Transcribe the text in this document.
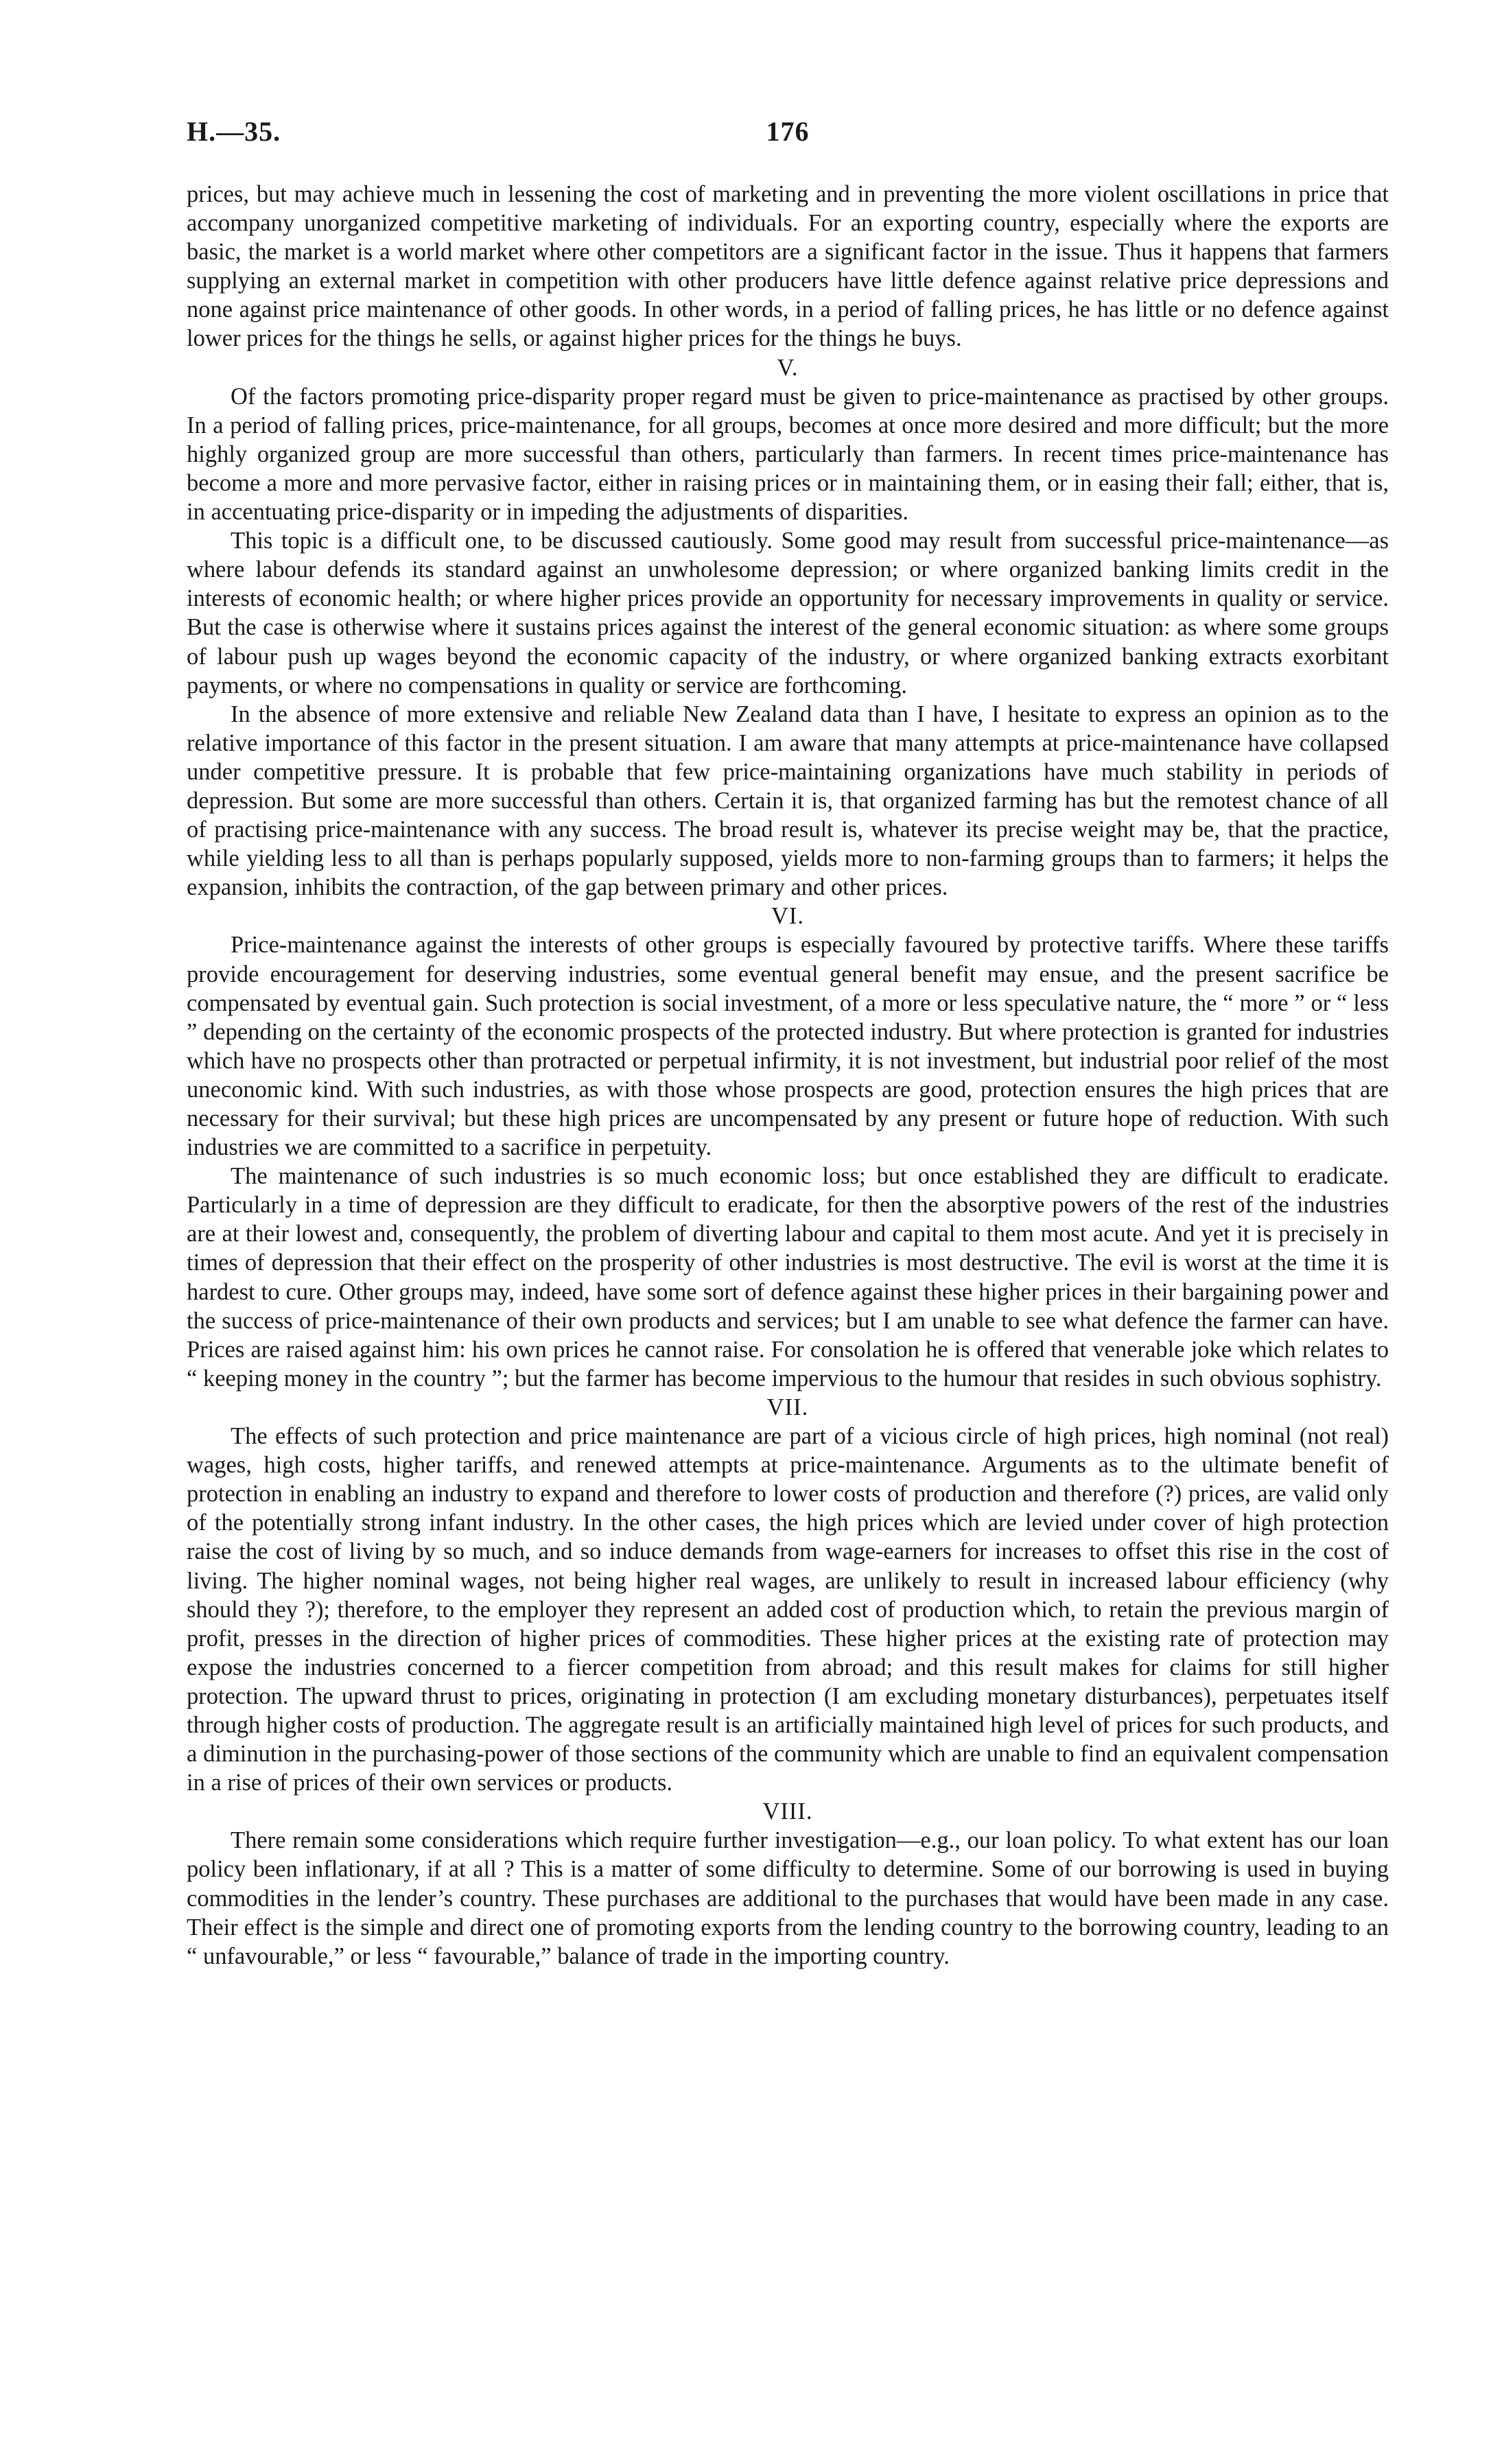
H.—35.	176

prices, but may achieve much in lessening the cost of marketing and in preventing the more violent oscillations in price that accompany unorganized competitive marketing of individuals. For an exporting country, especially where the exports are basic, the market is a world market where other competitors are a significant factor in the issue. Thus it happens that farmers supplying an external market in competition with other producers have little defence against relative price depressions and none against price maintenance of other goods. In other words, in a period of falling prices, he has little or no defence against lower prices for the things he sells, or against higher prices for the things he buys.

V.

Of the factors promoting price-disparity proper regard must be given to price-maintenance as practised by other groups. In a period of falling prices, price-maintenance, for all groups, becomes at once more desired and more difficult; but the more highly organized group are more successful than others, particularly than farmers. In recent times price-maintenance has become a more and more pervasive factor, either in raising prices or in maintaining them, or in easing their fall; either, that is, in accentuating price-disparity or in impeding the adjustments of disparities.

This topic is a difficult one, to be discussed cautiously. Some good may result from successful price-maintenance—as where labour defends its standard against an unwholesome depression; or where organized banking limits credit in the interests of economic health; or where higher prices provide an opportunity for necessary improvements in quality or service. But the case is otherwise where it sustains prices against the interest of the general economic situation: as where some groups of labour push up wages beyond the economic capacity of the industry, or where organized banking extracts exorbitant payments, or where no compensations in quality or service are forthcoming.

In the absence of more extensive and reliable New Zealand data than I have, I hesitate to express an opinion as to the relative importance of this factor in the present situation. I am aware that many attempts at price-maintenance have collapsed under competitive pressure. It is probable that few price-maintaining organizations have much stability in periods of depression. But some are more successful than others. Certain it is, that organized farming has but the remotest chance of all of practising price-maintenance with any success. The broad result is, whatever its precise weight may be, that the practice, while yielding less to all than is perhaps popularly supposed, yields more to non-farming groups than to farmers; it helps the expansion, inhibits the contraction, of the gap between primary and other prices.

VI.

Price-maintenance against the interests of other groups is especially favoured by protective tariffs. Where these tariffs provide encouragement for deserving industries, some eventual general benefit may ensue, and the present sacrifice be compensated by eventual gain. Such protection is social investment, of a more or less speculative nature, the “ more ” or “ less ” depending on the certainty of the economic prospects of the protected industry. But where protection is granted for industries which have no prospects other than protracted or perpetual infirmity, it is not investment, but industrial poor relief of the most uneconomic kind. With such industries, as with those whose prospects are good, protection ensures the high prices that are necessary for their survival; but these high prices are uncompensated by any present or future hope of reduction. With such industries we are committed to a sacrifice in perpetuity.

The maintenance of such industries is so much economic loss; but once established they are difficult to eradicate. Particularly in a time of depression are they difficult to eradicate, for then the absorptive powers of the rest of the industries are at their lowest and, consequently, the problem of diverting labour and capital to them most acute. And yet it is precisely in times of depression that their effect on the prosperity of other industries is most destructive. The evil is worst at the time it is hardest to cure. Other groups may, indeed, have some sort of defence against these higher prices in their bargaining power and the success of price-maintenance of their own products and services; but I am unable to see what defence the farmer can have. Prices are raised against him: his own prices he cannot raise. For consolation he is offered that venerable joke which relates to “ keeping money in the country ”; but the farmer has become impervious to the humour that resides in such obvious sophistry.

VII.

The effects of such protection and price maintenance are part of a vicious circle of high prices, high nominal (not real) wages, high costs, higher tariffs, and renewed attempts at price-maintenance. Arguments as to the ultimate benefit of protection in enabling an industry to expand and therefore to lower costs of production and therefore (?) prices, are valid only of the potentially strong infant industry. In the other cases, the high prices which are levied under cover of high protection raise the cost of living by so much, and so induce demands from wage-earners for increases to offset this rise in the cost of living. The higher nominal wages, not being higher real wages, are unlikely to result in increased labour efficiency (why should they ?); therefore, to the employer they represent an added cost of production which, to retain the previous margin of profit, presses in the direction of higher prices of commodities. These higher prices at the existing rate of protection may expose the industries concerned to a fiercer competition from abroad; and this result makes for claims for still higher protection. The upward thrust to prices, originating in protection (I am excluding monetary disturbances), perpetuates itself through higher costs of production. The aggregate result is an artificially maintained high level of prices for such products, and a diminution in the purchasing-power of those sections of the community which are unable to find an equivalent compensation in a rise of prices of their own services or products.

VIII.

There remain some considerations which require further investigation—e.g., our loan policy. To what extent has our loan policy been inflationary, if at all ? This is a matter of some difficulty to determine. Some of our borrowing is used in buying commodities in the lender’s country. These purchases are additional to the purchases that would have been made in any case. Their effect is the simple and direct one of promoting exports from the lending country to the borrowing country, leading to an “ unfavourable,” or less “ favourable,” balance of trade in the importing country.
